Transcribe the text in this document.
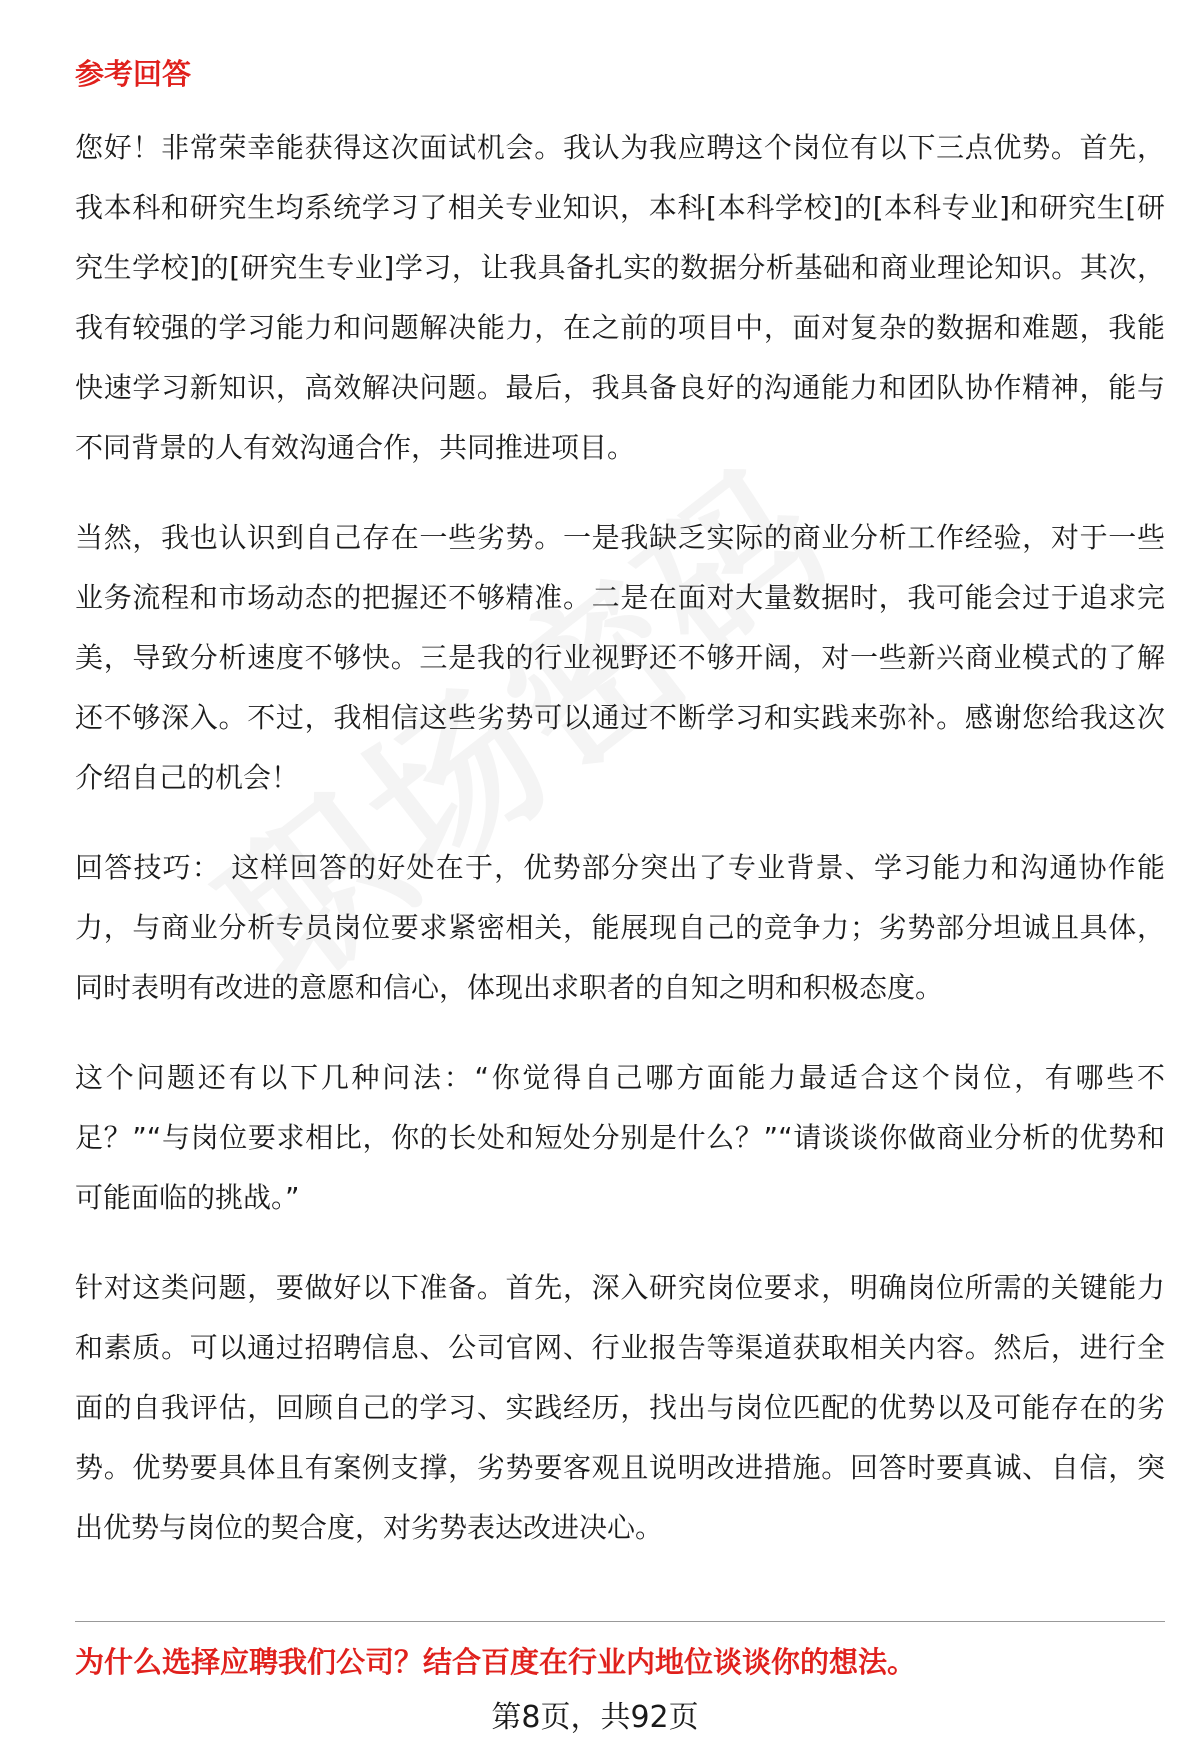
参考回答

您好！非常荣幸能获得这次面试机会。我认为我应聘这个岗位有以下三点优势。首先，我本科和研究生均系统学习了相关专业知识，本科[本科学校]的[本科专业]和研究生[研究生学校]的[研究生专业]学习，让我具备扎实的数据分析基础和商业理论知识。其次，我有较强的学习能力和问题解决能力，在之前的项目中，面对复杂的数据和难题，我能快速学习新知识，高效解决问题。最后，我具备良好的沟通能力和团队协作精神，能与不同背景的人有效沟通合作，共同推进项目。

当然，我也认识到自己存在一些劣势。一是我缺乏实际的商业分析工作经验，对于一些业务流程和市场动态的把握还不够精准。二是在面对大量数据时，我可能会过于追求完美，导致分析速度不够快。三是我的行业视野还不够开阔，对一些新兴商业模式的了解还不够深入。不过，我相信这些劣势可以通过不断学习和实践来弥补。感谢您给我这次介绍自己的机会！

回答技巧： 这样回答的好处在于，优势部分突出了专业背景、学习能力和沟通协作能力，与商业分析专员岗位要求紧密相关，能展现自己的竞争力；劣势部分坦诚且具体，同时表明有改进的意愿和信心，体现出求职者的自知之明和积极态度。

这个问题还有以下几种问法：“你觉得自己哪方面能力最适合这个岗位，有哪些不足？”“与岗位要求相比，你的长处和短处分别是什么？”“请谈谈你做商业分析的优势和可能面临的挑战。”

针对这类问题，要做好以下准备。首先，深入研究岗位要求，明确岗位所需的关键能力和素质。可以通过招聘信息、公司官网、行业报告等渠道获取相关内容。然后，进行全面的自我评估，回顾自己的学习、实践经历，找出与岗位匹配的优势以及可能存在的劣势。优势要具体且有案例支撑，劣势要客观且说明改进措施。回答时要真诚、自信，突出优势与岗位的契合度，对劣势表达改进决心。

为什么选择应聘我们公司？结合百度在行业内地位谈谈你的想法。
第8页，共92页
